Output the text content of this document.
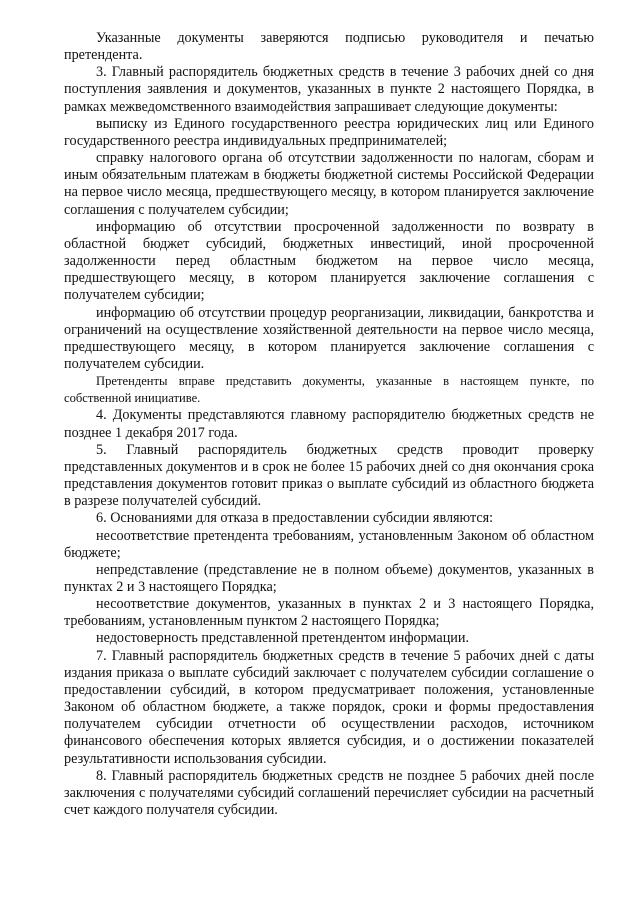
Указанные документы заверяются подписью руководителя и печатью претендента.

3. Главный распорядитель бюджетных средств в течение 3 рабочих дней со дня поступления заявления и документов, указанных в пункте 2 настоящего Порядка, в рамках межведомственного взаимодействия запрашивает следующие документы:

выписку из Единого государственного реестра юридических лиц или Единого государственного реестра индивидуальных предпринимателей;

справку налогового органа об отсутствии задолженности по налогам, сборам и иным обязательным платежам в бюджеты бюджетной системы Российской Федерации на первое число месяца, предшествующего месяцу, в котором планируется заключение соглашения с получателем субсидии;

информацию об отсутствии просроченной задолженности по возврату в областной бюджет субсидий, бюджетных инвестиций, иной просроченной задолженности перед областным бюджетом на первое число месяца, предшествующего месяцу, в котором планируется заключение соглашения с получателем субсидии;

информацию об отсутствии процедур реорганизации, ликвидации, банкротства и ограничений на осуществление хозяйственной деятельности на первое число месяца, предшествующего месяцу, в котором планируется заключение соглашения с получателем субсидии.

Претенденты вправе представить документы, указанные в настоящем пункте, по собственной инициативе.

4. Документы представляются главному распорядителю бюджетных средств не позднее 1 декабря 2017 года.

5. Главный распорядитель бюджетных средств проводит проверку представленных документов и в срок не более 15 рабочих дней со дня окончания срока представления документов готовит приказ о выплате субсидий из областного бюджета в разрезе получателей субсидий.

6. Основаниями для отказа в предоставлении субсидии являются:

несоответствие претендента требованиям, установленным Законом об областном бюджете;

непредставление (представление не в полном объеме) документов, указанных в пунктах 2 и 3 настоящего Порядка;

несоответствие документов, указанных в пунктах 2 и 3 настоящего Порядка, требованиям, установленным пунктом 2 настоящего Порядка;

недостоверность представленной претендентом информации.

7. Главный распорядитель бюджетных средств в течение 5 рабочих дней с даты издания приказа о выплате субсидий заключает с получателем субсидии соглашение о предоставлении субсидий, в котором предусматривает положения, установленные Законом об областном бюджете, а также порядок, сроки и формы предоставления получателем субсидии отчетности об осуществлении расходов, источником финансового обеспечения которых является субсидия, и о достижении показателей результативности использования субсидии.

8. Главный распорядитель бюджетных средств не позднее 5 рабочих дней после заключения с получателями субсидий соглашений перечисляет субсидии на расчетный счет каждого получателя субсидии.
